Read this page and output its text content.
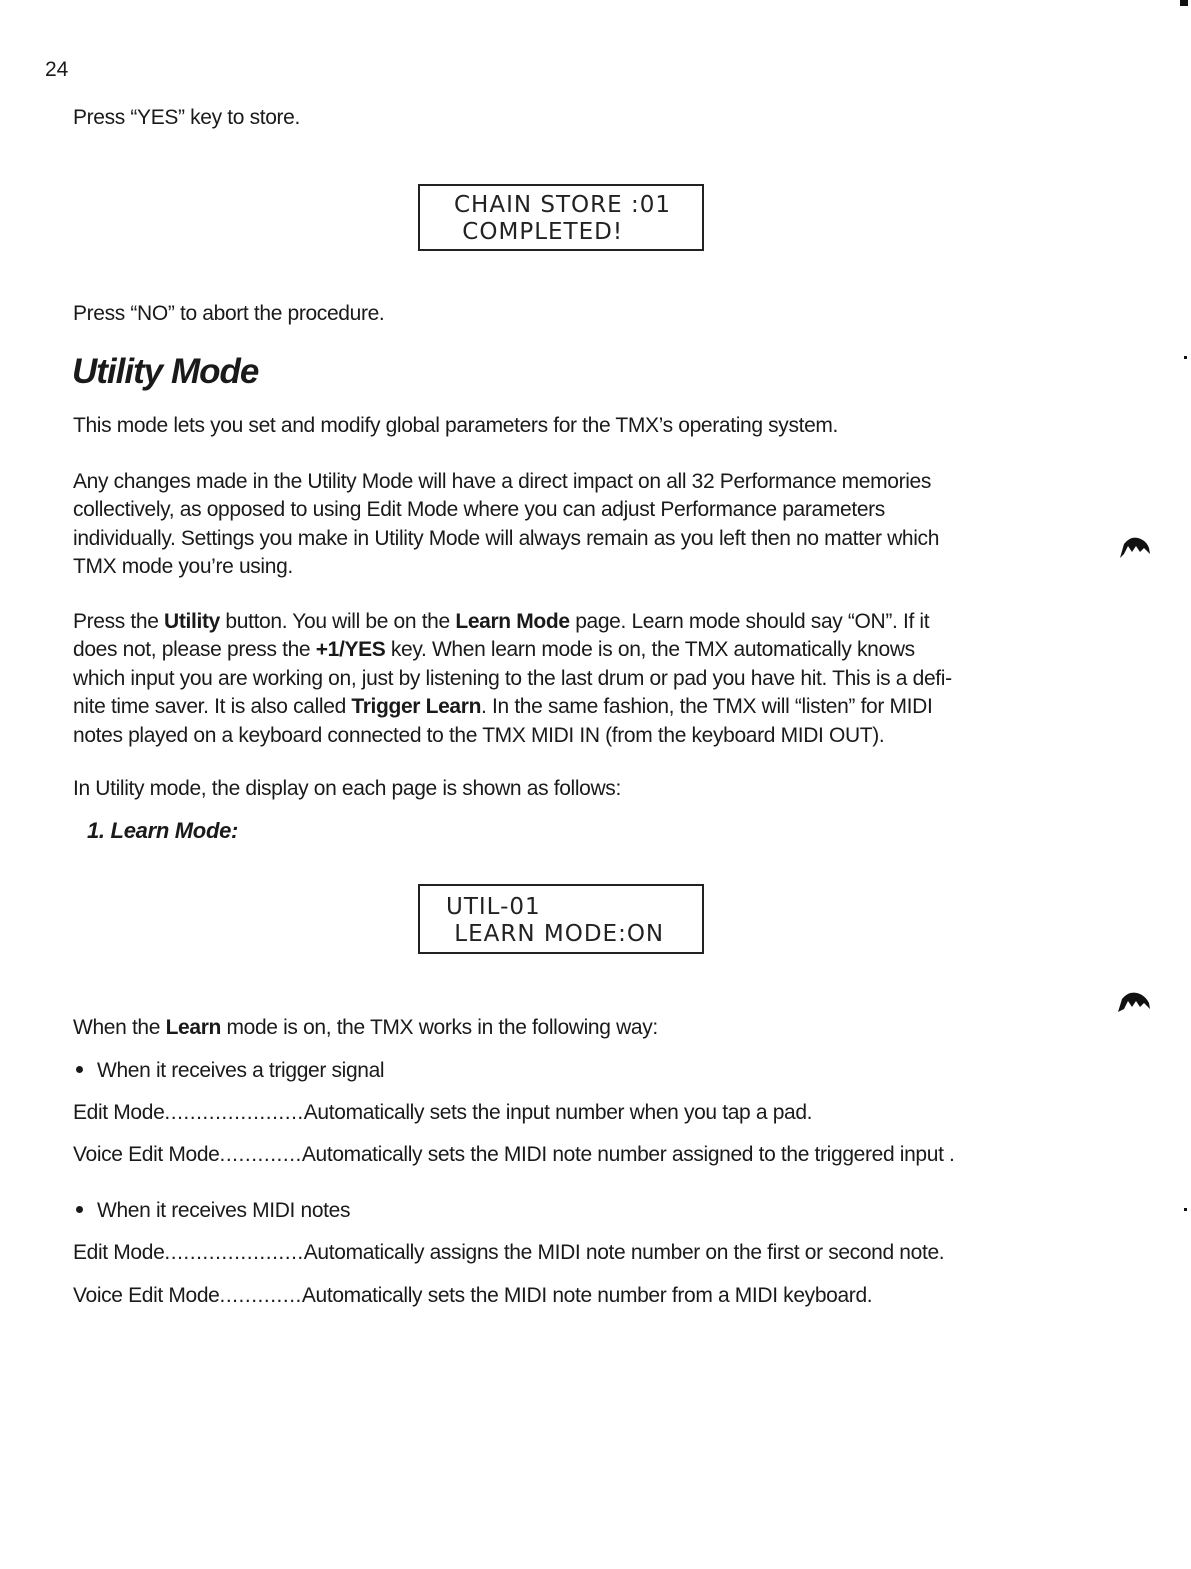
24
Press “YES” key to store.
CHAIN STORE :01
COMPLETED!
Press “NO” to abort the procedure.
Utility Mode
This mode lets you set and modify global parameters for the TMX’s operating system.

Any changes made in the Utility Mode will have a direct impact on all 32 Performance memories

collectively, as opposed to using Edit Mode where you can adjust Performance parameters

individually. Settings you make in Utility Mode will always remain as you left then no matter which

TMX mode you’re using.

Press the Utility button. You will be on the Learn Mode page. Learn mode should say “ON”. If it

does not, please press the +1/YES key. When learn mode is on, the TMX automatically knows

which input you are working on, just by listening to the last drum or pad you have hit. This is a defi-

nite time saver. It is also called Trigger Learn. In the same fashion, the TMX will “listen” for MIDI

notes played on a keyboard connected to the TMX MIDI IN (from the keyboard MIDI OUT).

In Utility mode, the display on each page is shown as follows:
1. Learn Mode:
UTIL-01
LEARN MODE:ON
When the Learn mode is on, the TMX works in the following way:
When it receives a trigger signal
Edit Mode......................Automatically sets the input number when you tap a pad.
Voice Edit Mode.............Automatically sets the MIDI note number assigned to the triggered input .
When it receives MIDI notes
Edit Mode......................Automatically assigns the MIDI note number on the first or second note.
Voice Edit Mode.............Automatically sets the MIDI note number from a MIDI keyboard.
